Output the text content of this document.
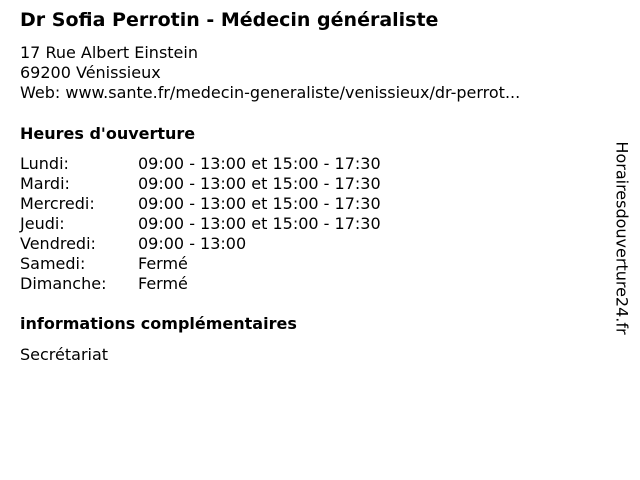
Dr Sofia Perrotin - Médecin généraliste
17 Rue Albert Einstein
69200 Vénissieux
Web: www.sante.fr/medecin-generaliste/venissieux/dr-perrot...
Heures d'ouverture
Lundi:	09:00 - 13:00 et 15:00 - 17:30
Mardi:	09:00 - 13:00 et 15:00 - 17:30
Mercredi:	09:00 - 13:00 et 15:00 - 17:30
Jeudi:	09:00 - 13:00 et 15:00 - 17:30
Vendredi:	09:00 - 13:00
Samedi:	Fermé
Dimanche:	Fermé
informations complémentaires
Secrétariat
Horairesdouverture24.fr
